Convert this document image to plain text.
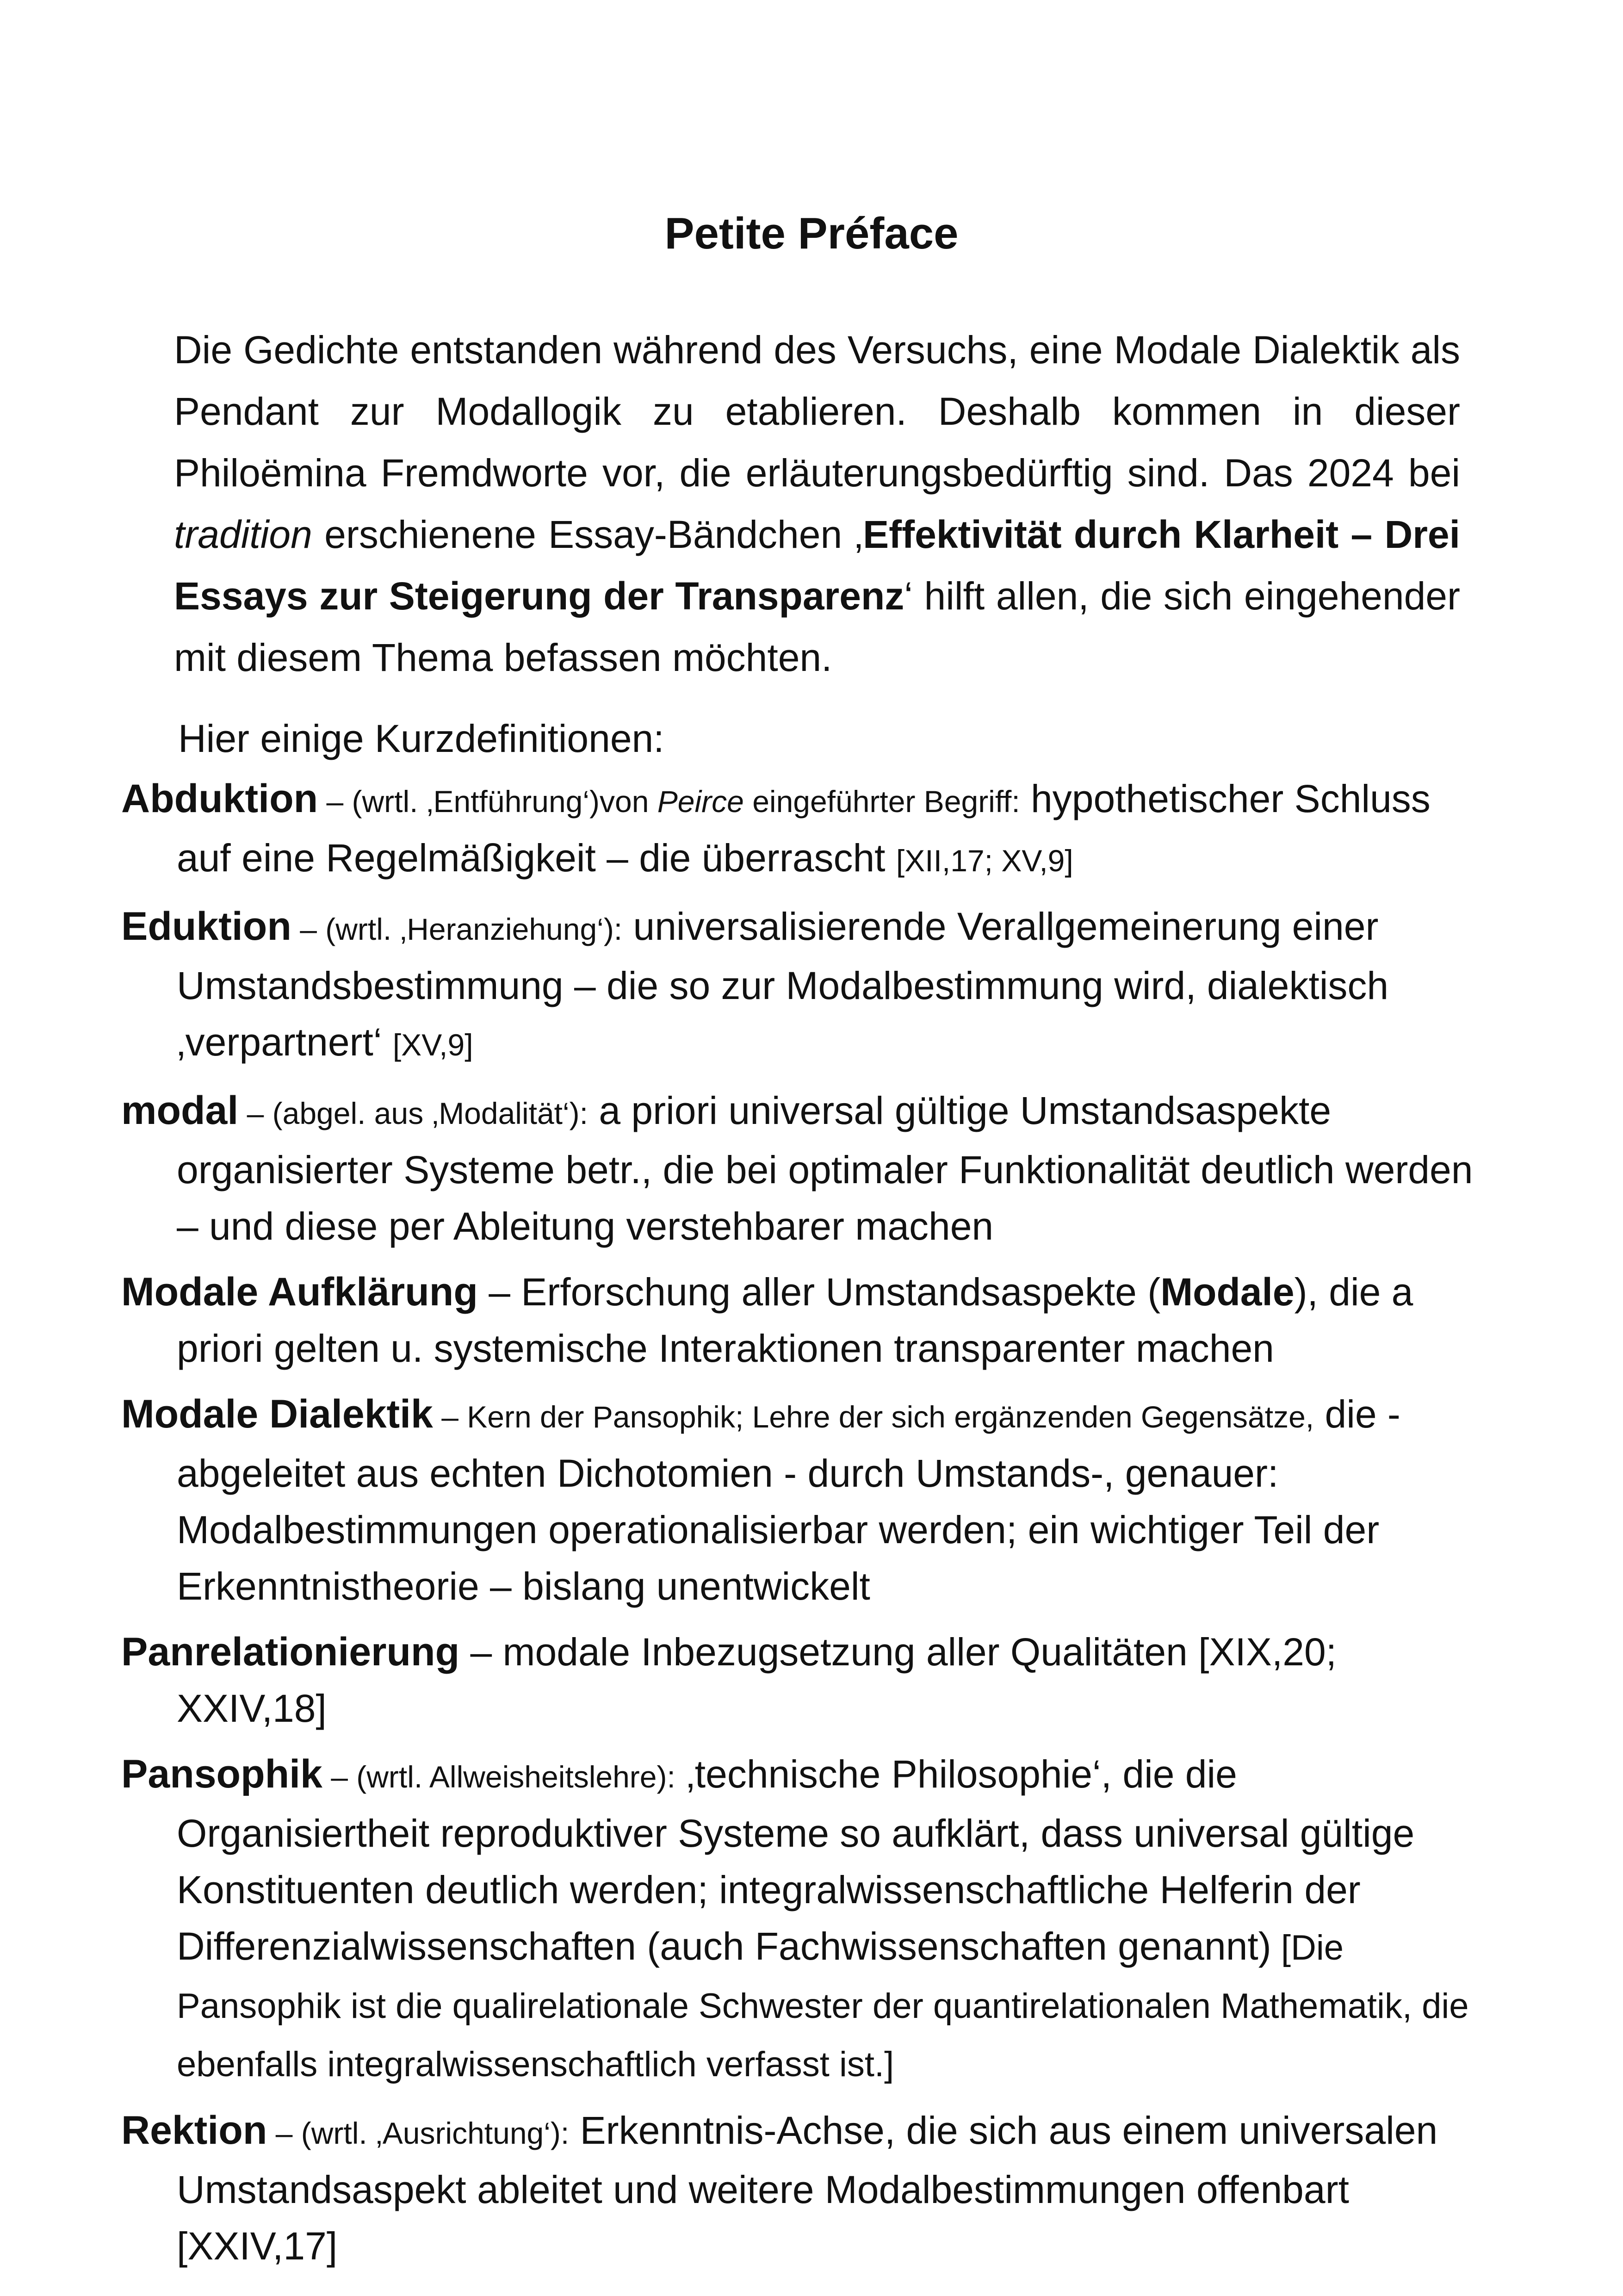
Petite Préface
Die Gedichte entstanden während des Versuchs, eine Modale Dialektik als Pendant zur Modallogik zu etablieren. Deshalb kommen in dieser Philoëmina Fremdworte vor, die erläuterungsbedürftig sind. Das 2024 bei tradition erschienene Essay-Bändchen ‚Effektivität durch Klarheit – Drei Essays zur Steigerung der Transparenz‘ hilft allen, die sich eingehender mit diesem Thema befassen möchten.
Hier einige Kurzdefinitionen:
Abduktion – (wrtl. ‚Entführung‘)von Peirce eingeführter Begriff: hypothetischer Schluss auf eine Regelmäßigkeit – die überrascht [XII,17; XV,9]
Eduktion – (wrtl. ‚Heranziehung‘): universalisierende Verallgemeinerung einer Umstandsbestimmung – die so zur Modalbestimmung wird, dialektisch ‚verpartnert‘ [XV,9]
modal – (abgel. aus ‚Modalität‘): a priori universal gültige Umstandsaspekte organisierter Systeme betr., die bei optimaler Funktionalität deutlich werden – und diese per Ableitung verstehbarer machen
Modale Aufklärung – Erforschung aller Umstandsaspekte (Modale), die a priori gelten u. systemische Interaktionen transparenter machen
Modale Dialektik – Kern der Pansophik; Lehre der sich ergänzenden Gegensätze, die - abgeleitet aus echten Dichotomien - durch Umstands-, genauer: Modalbestimmungen operationalisierbar werden; ein wichtiger Teil der Erkenntnistheorie – bislang unentwickelt
Panrelationierung – modale Inbezugsetzung aller Qualitäten [XIX,20; XXIV,18]
Pansophik – (wrtl. Allweisheitslehre): ‚technische Philosophie‘, die die Organisiertheit reproduktiver Systeme so aufklärt, dass universal gültige Konstituenten deutlich werden; integralwissenschaftliche Helferin der Differenzialwissenschaften (auch Fachwissenschaften genannt) [Die Pansophik ist die qualirelationale Schwester der quantirelationalen Mathematik, die ebenfalls integralwissenschaftlich verfasst ist.]
Rektion – (wrtl. ‚Ausrichtung‘): Erkenntnis-Achse, die sich aus einem universalen Umstandsaspekt ableitet und weitere Modalbestimmungen offenbart [XXIV,17]
